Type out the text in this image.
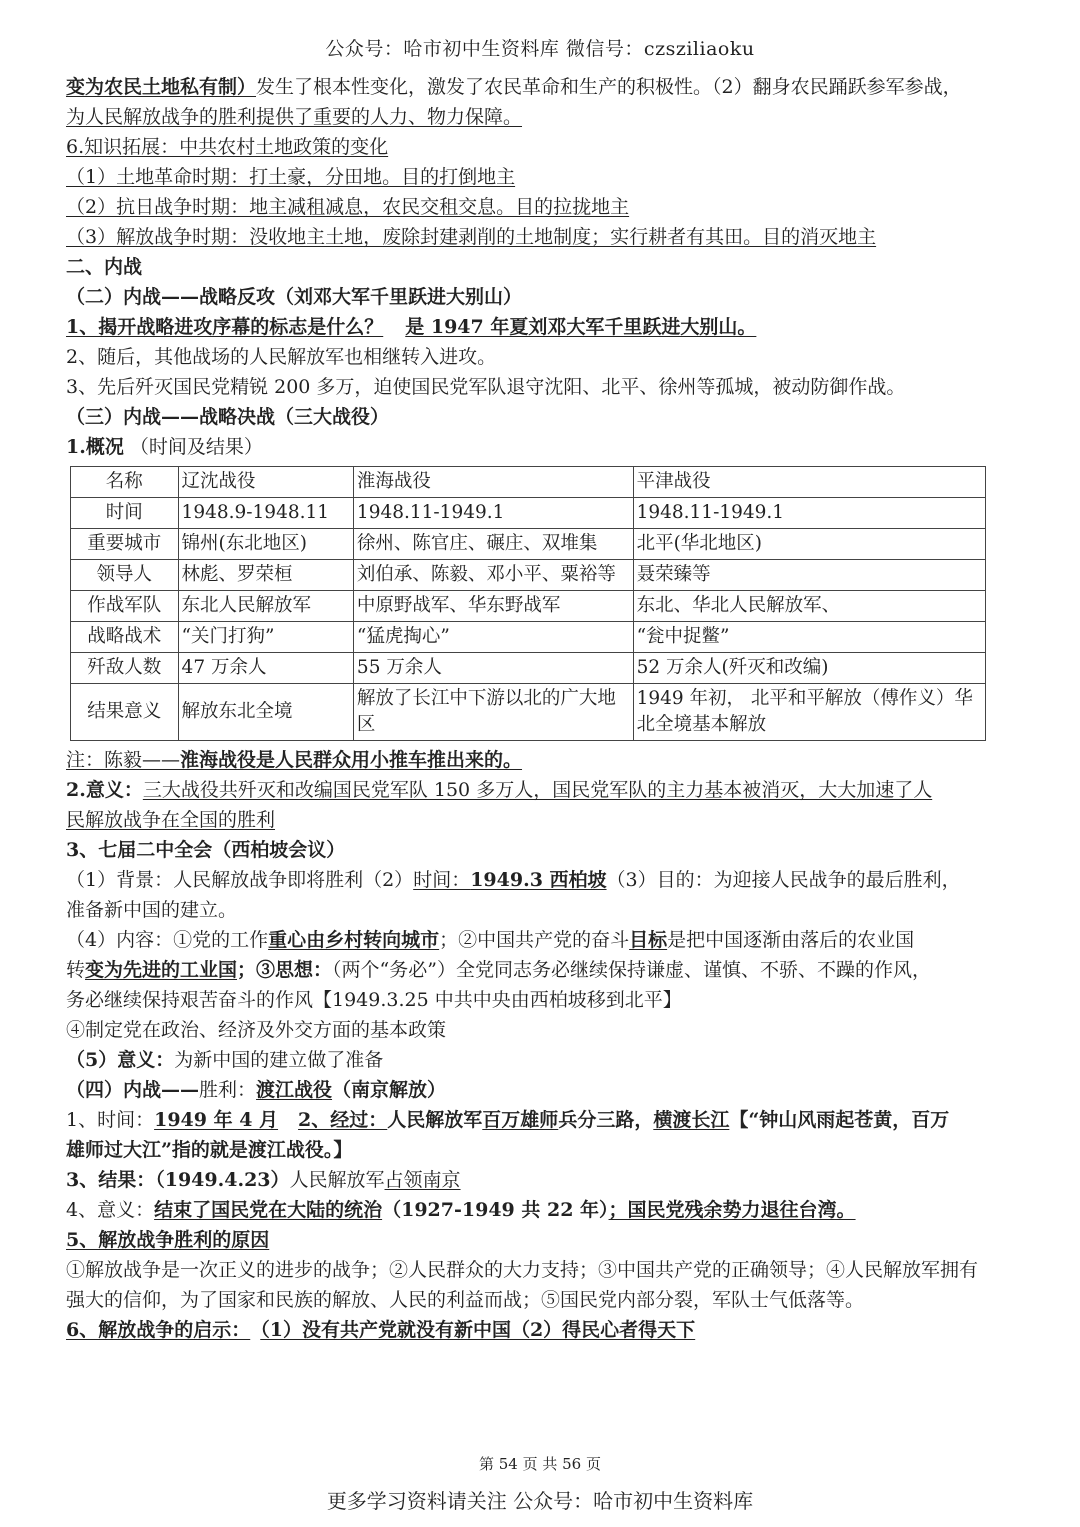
公众号：哈市初中生资料库 微信号：czsziliaoku
变为农民土地私有制）发生了根本性变化，激发了农民革命和生产的积极性。（2）翻身农民踊跃参军参战，
为人民解放战争的胜利提供了重要的人力、物力保障。
6.知识拓展：中共农村土地政策的变化
（1）土地革命时期：打土豪，分田地。目的打倒地主
（2）抗日战争时期：地主减租减息，农民交租交息。目的拉拢地主
（3）解放战争时期：没收地主土地，废除封建剥削的土地制度；实行耕者有其田。目的消灭地主
二、内战
（二）内战——战略反攻（刘邓大军千里跃进大别山）
1、揭开战略进攻序幕的标志是什么？ 是 1947 年夏刘邓大军千里跃进大别山。
2、随后，其他战场的人民解放军也相继转入进攻。
3、先后歼灭国民党精锐 200 多万，迫使国民党军队退守沈阳、北平、徐州等孤城，被动防御作战。
（三）内战——战略决战（三大战役）
1.概况 （时间及结果）
名称	辽沈战役	淮海战役	平津战役
时间	1948.9-1948.11	1948.11-1949.1	1948.11-1949.1
重要城市	锦州(东北地区)	徐州、陈官庄、碾庄、双堆集	北平(华北地区)
领导人	林彪、罗荣桓	刘伯承、陈毅、邓小平、粟裕等	聂荣臻等
作战军队	东北人民解放军	中原野战军、华东野战军	东北、华北人民解放军、
战略战术	“关门打狗”	“猛虎掏心”	“瓮中捉鳖”
歼敌人数	47 万余人	55 万余人	52 万余人(歼灭和改编)
结果意义	解放东北全境	解放了长江中下游以北的广大地区	1949 年初， 北平和平解放（傅作义）华北全境基本解放
注：陈毅——淮海战役是人民群众用小推车推出来的。
2.意义：三大战役共歼灭和改编国民党军队 150 多万人，国民党军队的主力基本被消灭，大大加速了人
民解放战争在全国的胜利
3、七届二中全会（西柏坡会议）
（1）背景：人民解放战争即将胜利（2）时间：1949.3 西柏坡（3）目的：为迎接人民战争的最后胜利，
准备新中国的建立。
（4）内容：①党的工作重心由乡村转向城市；②中国共产党的奋斗目标是把中国逐渐由落后的农业国
转变为先进的工业国；③思想：（两个“务必”）全党同志务必继续保持谦虚、谨慎、不骄、不躁的作风，
务必继续保持艰苦奋斗的作风【1949.3.25 中共中央由西柏坡移到北平】
④制定党在政治、经济及外交方面的基本政策
（5）意义：为新中国的建立做了准备
（四）内战——胜利：渡江战役（南京解放）
1、时间：1949 年 4 月 2、经过：人民解放军百万雄师兵分三路，横渡长江【“钟山风雨起苍黄，百万
雄师过大江”指的就是渡江战役。】
3、结果：（1949.4.23）人民解放军占领南京
4、意义：结束了国民党在大陆的统治（1927-1949 共 22 年）；国民党残余势力退往台湾。
5、解放战争胜利的原因
①解放战争是一次正义的进步的战争；②人民群众的大力支持；③中国共产党的正确领导；④人民解放军拥有
强大的信仰，为了国家和民族的解放、人民的利益而战；⑤国民党内部分裂，军队士气低落等。
6、解放战争的启示： （1）没有共产党就没有新中国（2）得民心者得天下
第 54 页 共 56 页
更多学习资料请关注 公众号：哈市初中生资料库
